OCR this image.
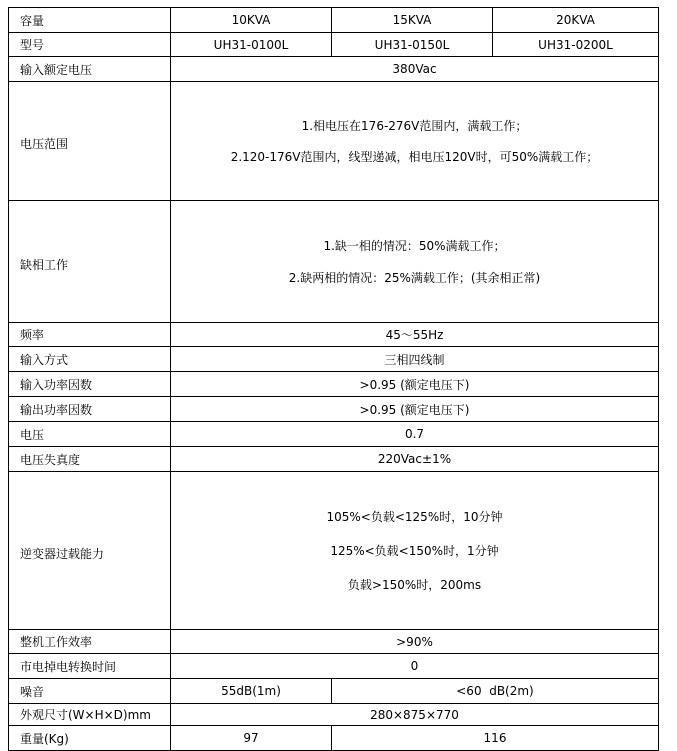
容量	10KVA	15KVA	20KVA
型号	UH31-0100L	UH31-0150L	UH31-0200L
输入额定电压	380Vac		
电压范围	1.相电压在176-276V范围内，满载工作；
2.120-176V范围内，线型递减，相电压120V时，可50%满载工作；		

缺相工作	1.缺一相的情况：50%满载工作；
2.缺两相的情况：25%满载工作；(其余相正常)		

频率	45～55Hz		
输入方式	三相四线制		
输入功率因数	>0.95 (额定电压下)		
输出功率因数	>0.95 (额定电压下)		
电压	0.7		
电压失真度	220Vac±1%		
逆变器过载能力	105%<负载<125%时，10分钟
125%<负载<150%时，1分钟
负载>150%时，200ms		

整机工作效率	>90%		
市电掉电转换时间	0		
噪音	55dB(1m)	<60  dB(2m)	
外观尺寸(W×H×D)mm	280×875×770		
重量(Kg)	97	116	
